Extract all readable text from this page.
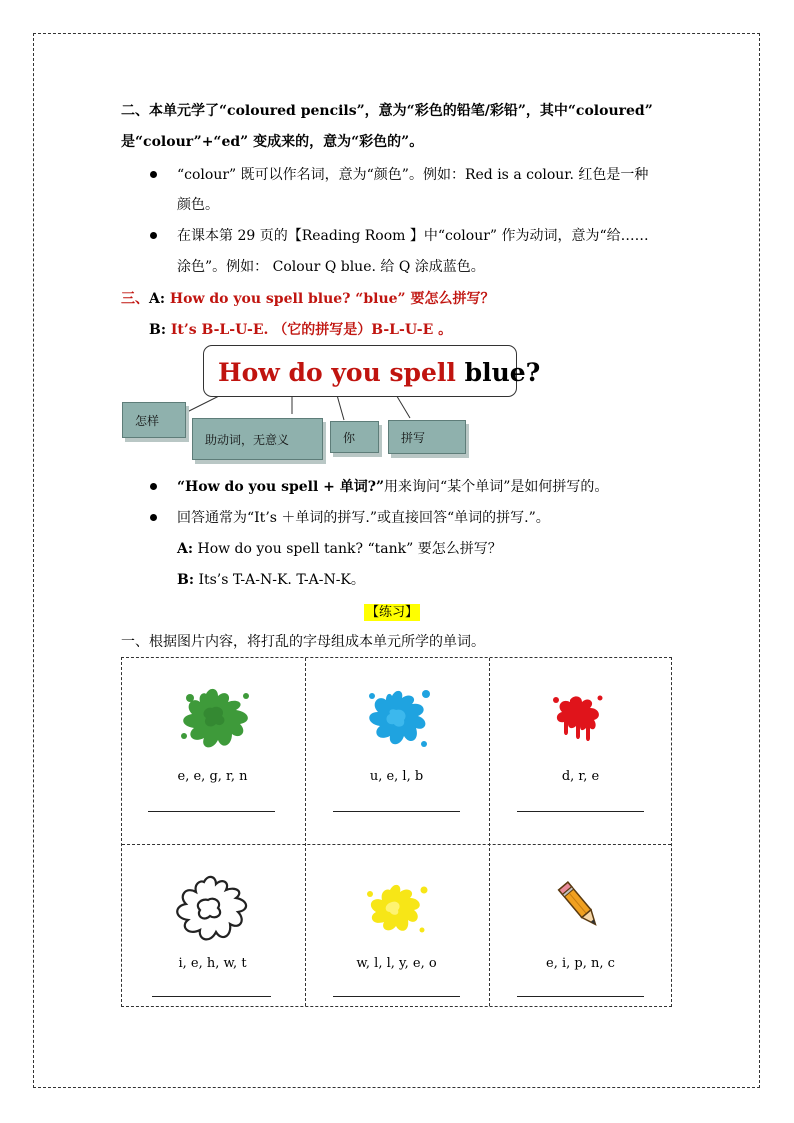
二、本单元学了“coloured pencils”，意为“彩色的铅笔/彩铅”，其中“coloured”
是“colour”+“ed” 变成来的，意为“彩色的”。
“colour” 既可以作名词，意为“颜色”。例如：Red is a colour. 红色是一种
颜色。
在课本第 29 页的【Reading Room 】中“colour” 作为动词，意为“给……
涂色”。例如： Colour Q blue. 给 Q 涂成蓝色。
三、A: How do you spell blue? “blue” 要怎么拼写？
B: It’s B-L-U-E. （它的拼写是）B-L-U-E 。
How do you spell blue?
怎样
助动词，无意义	你	拼写
“How do you spell + 单词?”用来询问“某个单词”是如何拼写的。
回答通常为“It’s ＋单词的拼写.”或直接回答“单词的拼写.”。
A: How do you spell tank? “tank” 要怎么拼写？
B: Its’s T-A-N-K. T-A-N-K。
【练习】
一、根据图片内容，将打乱的字母组成本单元所学的单词。
e, e, g, r, n	u, e, l, b	d, r, e
i, e, h, w, t	w, l, l, y, e, o	e, i, p, n, c
